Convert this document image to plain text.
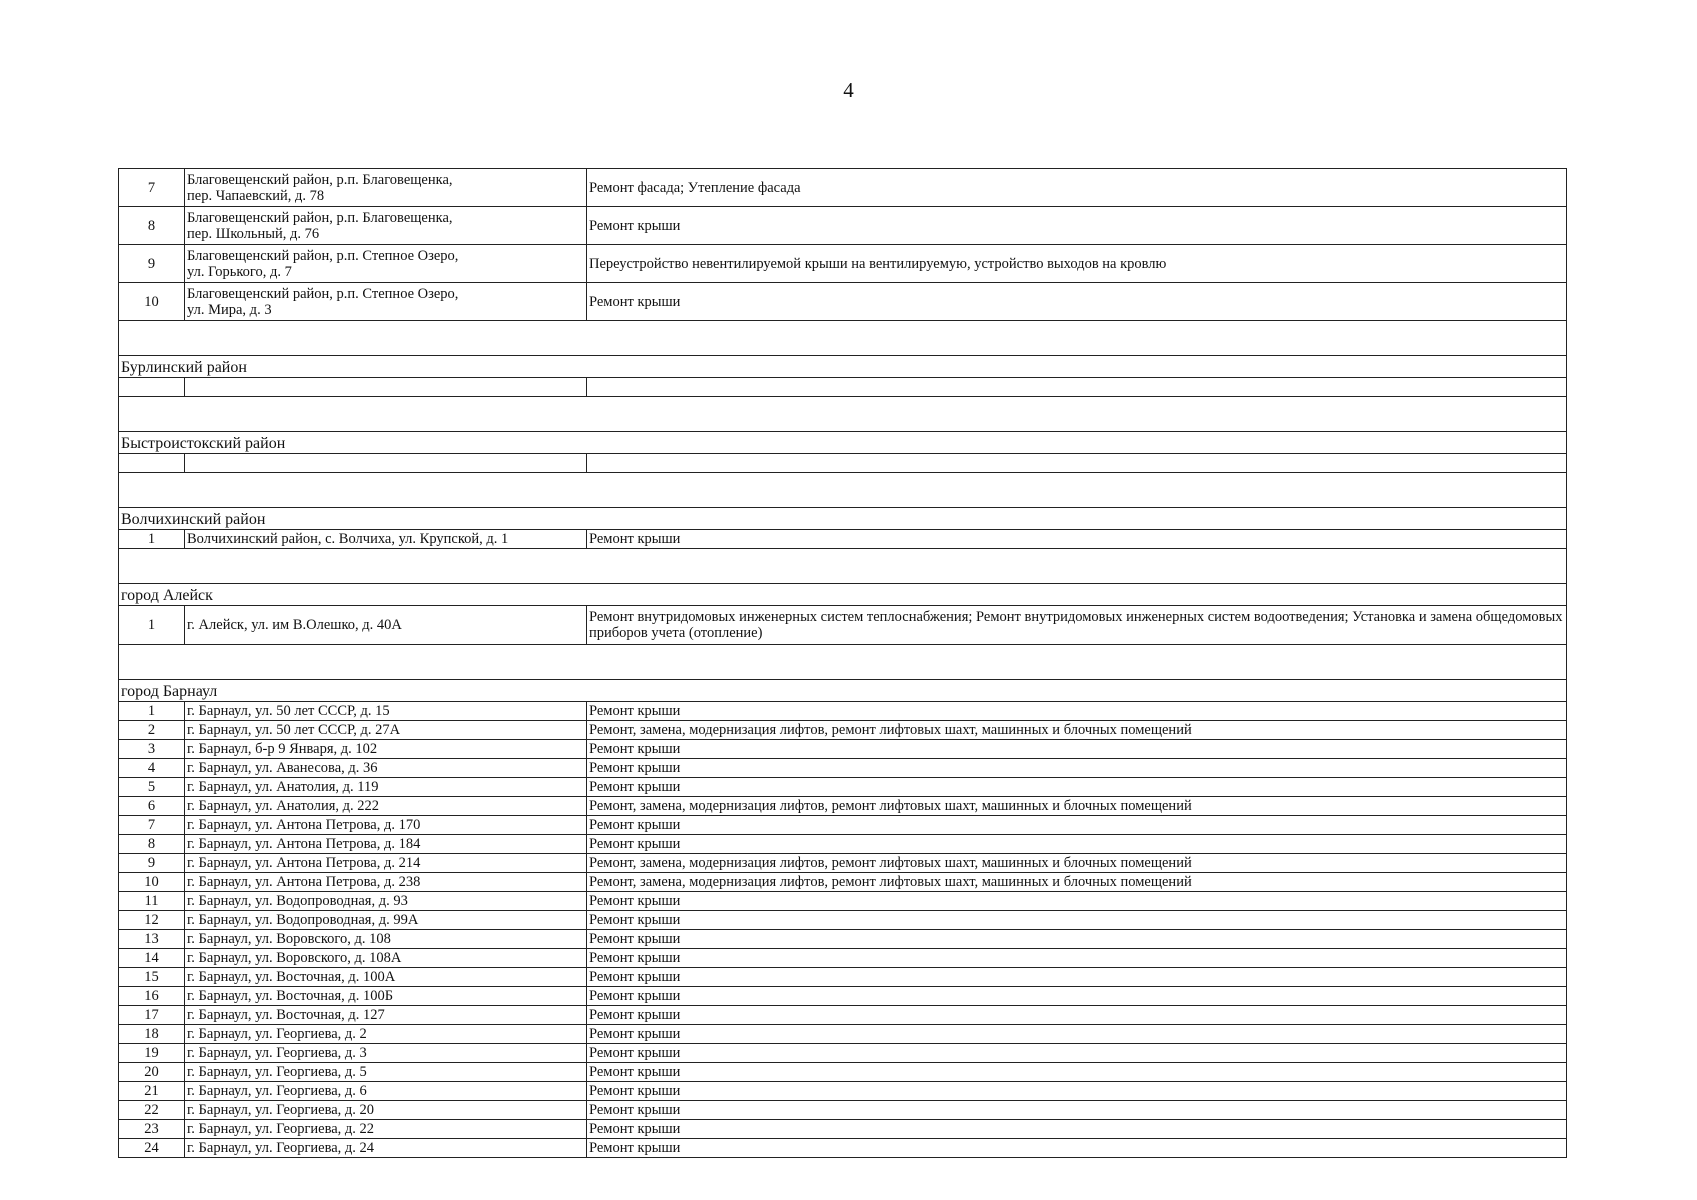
4
7	Благовещенский район, р.п. Благовещенка,
пер. Чапаевский, д. 78	Ремонт фасада; Утепление фасада
8	Благовещенский район, р.п. Благовещенка,
пер. Школьный, д. 76	Ремонт крыши
9	Благовещенский район, р.п. Степное Озеро,
ул. Горького, д. 7	Переустройство невентилируемой крыши на вентилируемую, устройство выходов на кровлю
10	Благовещенский район, р.п. Степное Озеро,
ул. Мира, д. 3	Ремонт крыши

Бурлинский район		

Быстроистокский район		

Волчихинский район		
1	Волчихинский район, с. Волчиха, ул. Крупской, д. 1	Ремонт крыши

город Алейск		
1	г. Алейск, ул. им В.Олешко, д. 40А	Ремонт внутридомовых инженерных систем теплоснабжения; Ремонт внутридомовых инженерных систем водоотведения; Установка и замена общедомовых приборов учета (отопление)

город Барнаул		
1	г. Барнаул, ул. 50 лет СССР, д. 15	Ремонт крыши
2	г. Барнаул, ул. 50 лет СССР, д. 27А	Ремонт, замена, модернизация лифтов, ремонт лифтовых шахт, машинных и блочных помещений
3	г. Барнаул, б-р 9 Января, д. 102	Ремонт крыши
4	г. Барнаул, ул. Аванесова, д. 36	Ремонт крыши
5	г. Барнаул, ул. Анатолия, д. 119	Ремонт крыши
6	г. Барнаул, ул. Анатолия, д. 222	Ремонт, замена, модернизация лифтов, ремонт лифтовых шахт, машинных и блочных помещений
7	г. Барнаул, ул. Антона Петрова, д. 170	Ремонт крыши
8	г. Барнаул, ул. Антона Петрова, д. 184	Ремонт крыши
9	г. Барнаул, ул. Антона Петрова, д. 214	Ремонт, замена, модернизация лифтов, ремонт лифтовых шахт, машинных и блочных помещений
10	г. Барнаул, ул. Антона Петрова, д. 238	Ремонт, замена, модернизация лифтов, ремонт лифтовых шахт, машинных и блочных помещений
11	г. Барнаул, ул. Водопроводная, д. 93	Ремонт крыши
12	г. Барнаул, ул. Водопроводная, д. 99А	Ремонт крыши
13	г. Барнаул, ул. Воровского, д. 108	Ремонт крыши
14	г. Барнаул, ул. Воровского, д. 108А	Ремонт крыши
15	г. Барнаул, ул. Восточная, д. 100А	Ремонт крыши
16	г. Барнаул, ул. Восточная, д. 100Б	Ремонт крыши
17	г. Барнаул, ул. Восточная, д. 127	Ремонт крыши
18	г. Барнаул, ул. Георгиева, д. 2	Ремонт крыши
19	г. Барнаул, ул. Георгиева, д. 3	Ремонт крыши
20	г. Барнаул, ул. Георгиева, д. 5	Ремонт крыши
21	г. Барнаул, ул. Георгиева, д. 6	Ремонт крыши
22	г. Барнаул, ул. Георгиева, д. 20	Ремонт крыши
23	г. Барнаул, ул. Георгиева, д. 22	Ремонт крыши
24	г. Барнаул, ул. Георгиева, д. 24	Ремонт крыши
